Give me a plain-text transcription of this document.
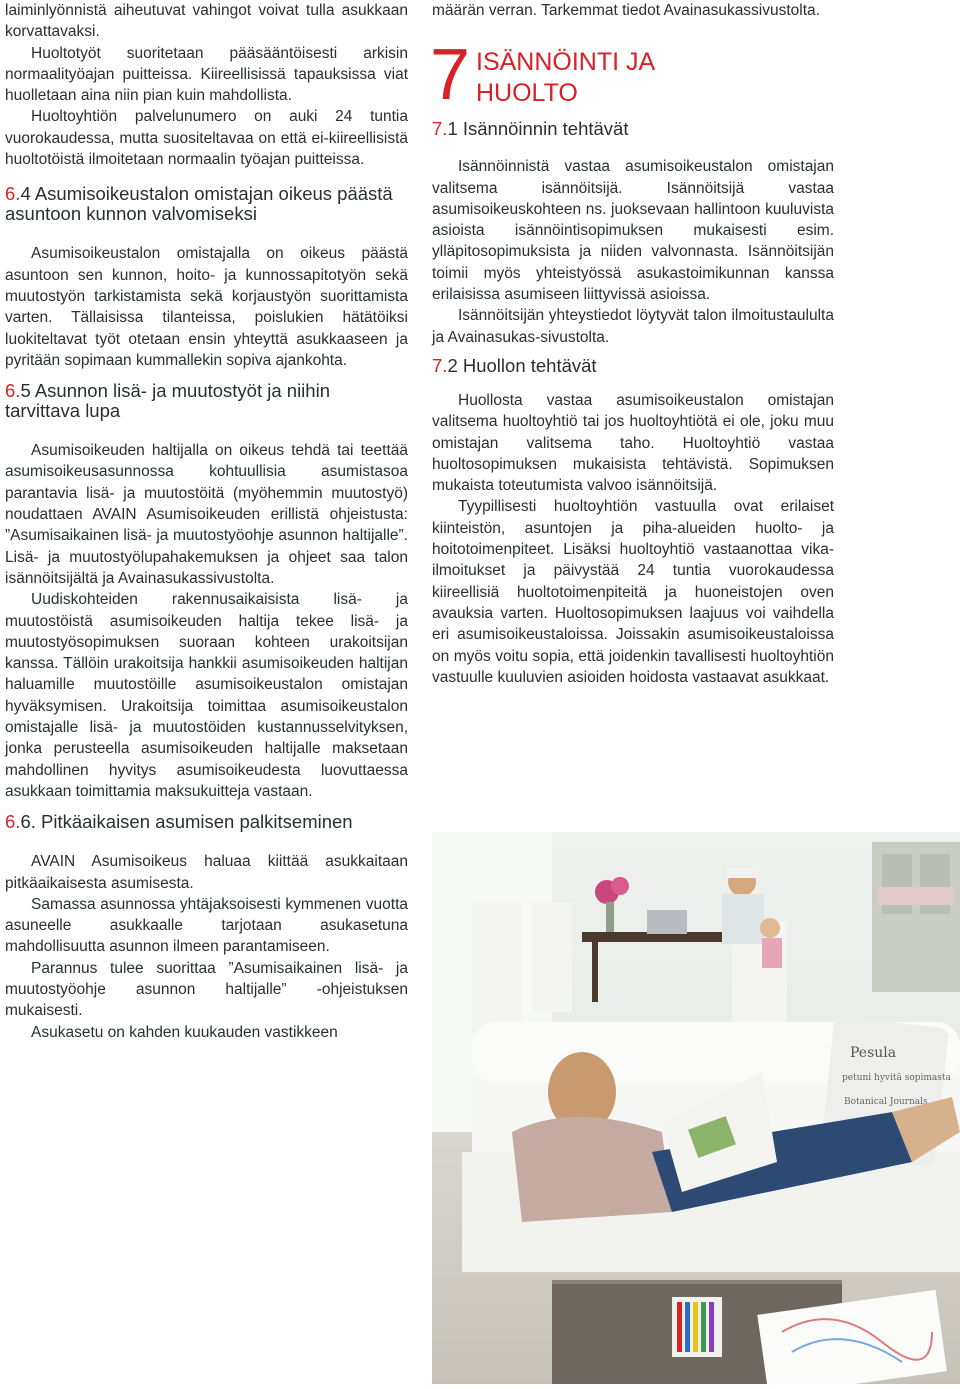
laiminlyönnistä aiheutuvat vahingot voivat tulla asukkaan korvattavaksi.

Huoltotyöt suoritetaan pääsääntöisesti arkisin normaalityöajan puitteissa. Kiireellisissä tapauksissa viat huolletaan aina niin pian kuin mahdollista.

Huoltoyhtiön palvelunumero on auki 24 tuntia vuorokaudessa, mutta suositeltavaa on että ei-kiireellisistä huoltotöistä ilmoitetaan normaalin työajan puitteissa.

6.4 Asumisoikeustalon omistajan oikeus päästä asuntoon kunnon valvomiseksi

Asumisoikeustalon omistajalla on oikeus päästä asuntoon sen kunnon, hoito- ja kunnossapitotyön sekä muutostyön tarkistamista sekä korjaustyön suorittamista varten. Tällaisissa tilanteissa, poislukien hätätöiksi luokiteltavat työt otetaan ensin yhteyttä asukkaaseen ja pyritään sopimaan kummallekin sopiva ajankohta.

6.5 Asunnon lisä- ja muutostyöt ja niihin tarvittava lupa

Asumisoikeuden haltijalla on oikeus tehdä tai teettää asumisoikeusasunnossa kohtuullisia asumistasoa parantavia lisä- ja muutostöitä (myöhemmin muutostyö) noudattaen AVAIN Asumisoikeuden erillistä ohjeistusta: ”Asumisaikainen lisä- ja muutostyöohje asunnon haltijalle”. Lisä- ja muutostyölupahakemuksen ja ohjeet saa talon isännöitsijältä ja Avainasukassivustolta.

Uudiskohteiden rakennusaikaisista lisä- ja muutostöistä asumisoikeuden haltija tekee lisä- ja muutostyösopimuksen suoraan kohteen urakoitsijan kanssa. Tällöin urakoitsija hankkii asumisoikeuden haltijan haluamille muutostöille asumisoikeustalon omistajan hyväksymisen. Urakoitsija toimittaa asumisoikeustalon omistajalle lisä- ja muutostöiden kustannusselvityksen, jonka perusteella asumisoikeuden haltijalle maksetaan mahdollinen hyvitys asumisoikeudesta luovuttaessa asukkaan toimittamia maksukuitteja vastaan.

6.6. Pitkäaikaisen asumisen palkitseminen

AVAIN Asumisoikeus haluaa kiittää asukkaitaan pitkäaikaisesta asumisesta.

Samassa asunnossa yhtäjaksoisesti kymmenen vuotta asuneelle asukkaalle tarjotaan asukasetuna mahdollisuutta asunnon ilmeen parantamiseen.

Parannus tulee suorittaa ”Asumisaikainen lisä- ja muutostyöohje asunnon haltijalle” -ohjeistuksen mukaisesti.

Asukasetu on kahden kuukauden vastikkeen

määrän verran. Tarkemmat tiedot Avainasukassivustolta.

7 ISÄNNÖINTI JA
HUOLTO
7.1 Isännöinnin tehtävät

Isännöinnistä vastaa asumisoikeustalon omistajan valitsema isännöitsijä. Isännöitsijä vastaa asumisoikeuskohteen ns. juoksevaan hallintoon kuuluvista asioista isännöintisopimuksen mukaisesti esim. ylläpitosopimuksista ja niiden valvonnasta. Isännöitsijän toimii myös yhteistyössä asukastoimikunnan kanssa erilaisissa asumiseen liittyvissä asioissa.

Isännöitsijän yhteystiedot löytyvät talon ilmoitustaululta ja Avainasukas-sivustolta.

7.2 Huollon tehtävät

Huollosta vastaa asumisoikeustalon omistajan valitsema huoltoyhtiö tai jos huoltoyhtiötä ei ole, joku muu omistajan valitsema taho. Huoltoyhtiö vastaa huoltosopimuksen mukaisista tehtävistä. Sopimuksen mukaista toteutumista valvoo isännöitsijä.

Tyypillisesti huoltoyhtiön vastuulla ovat erilaiset kiinteistön, asuntojen ja piha-alueiden huolto- ja hoitotoimenpiteet. Lisäksi huoltoyhtiö vastaanottaa vika-ilmoitukset ja päivystää 24 tuntia vuorokaudessa kiireellisiä huoltotoimenpiteitä ja huoneistojen oven avauksia varten. Huoltosopimuksen laajuus voi vaihdella eri asumisoikeustaloissa. Joissakin asumisoikeustaloissa on myös voitu sopia, että joidenkin tavallisesti huoltoyhtiön vastuulle kuuluvien asioiden hoidosta vastaavat asukkaat.

Pesula
petuni hyvitä sopimasta
Botanical Journals
